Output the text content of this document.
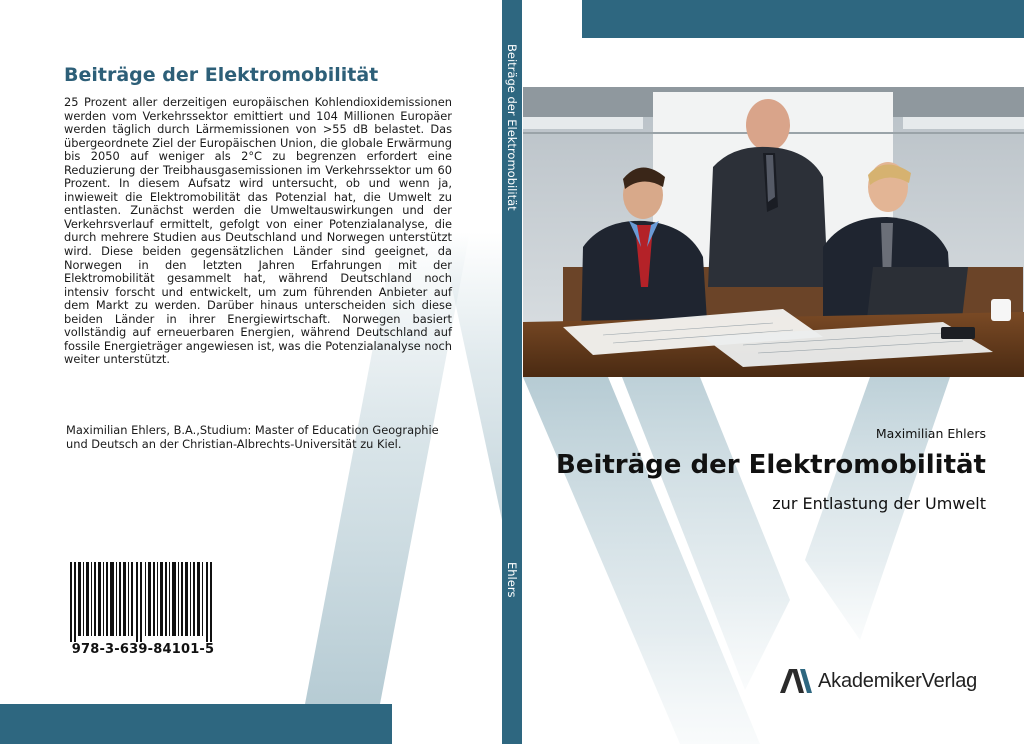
Beiträge der Elektromobilität
25 Prozent aller derzeitigen europäischen Kohlendioxidemissionen werden vom Verkehrssektor emittiert und 104 Millionen Europäer werden täglich durch Lärmemissionen von >55 dB belastet. Das übergeordnete Ziel der Europäischen Union, die globale Erwärmung bis 2050 auf weniger als 2°C zu begrenzen erfordert eine Reduzierung der Treibhausgasemissionen im Verkehrssektor um 60 Prozent. In diesem Aufsatz wird untersucht, ob und wenn ja, inwieweit die Elektromobilität das Potenzial hat, die Umwelt zu entlasten. Zunächst werden die Umweltauswirkungen und der Verkehrsverlauf ermittelt, gefolgt von einer Potenzialanalyse, die durch mehrere Studien aus Deutschland und Norwegen unterstützt wird. Diese beiden gegensätzlichen Länder sind geeignet, da Norwegen in den letzten Jahren Erfahrungen mit der Elektromobilität gesammelt hat, während Deutschland noch intensiv forscht und entwickelt, um zum führenden Anbieter auf dem Markt zu werden. Darüber hinaus unterscheiden sich diese beiden Länder in ihrer Energiewirtschaft. Norwegen basiert vollständig auf erneuerbaren Energien, während Deutschland auf fossile Energieträger angewiesen ist, was die Potenzialanalyse noch weiter unterstützt.
Maximilian Ehlers, B.A.,Studium: Master of Education Geographie und Deutsch an der Christian-Albrechts-Universität zu Kiel.
978-3-639-84101-5
Beiträge der Elektromobilität
Ehlers
Maximilian Ehlers
Beiträge der Elektromobilität
zur Entlastung der Umwelt
AkademikerVerlag
